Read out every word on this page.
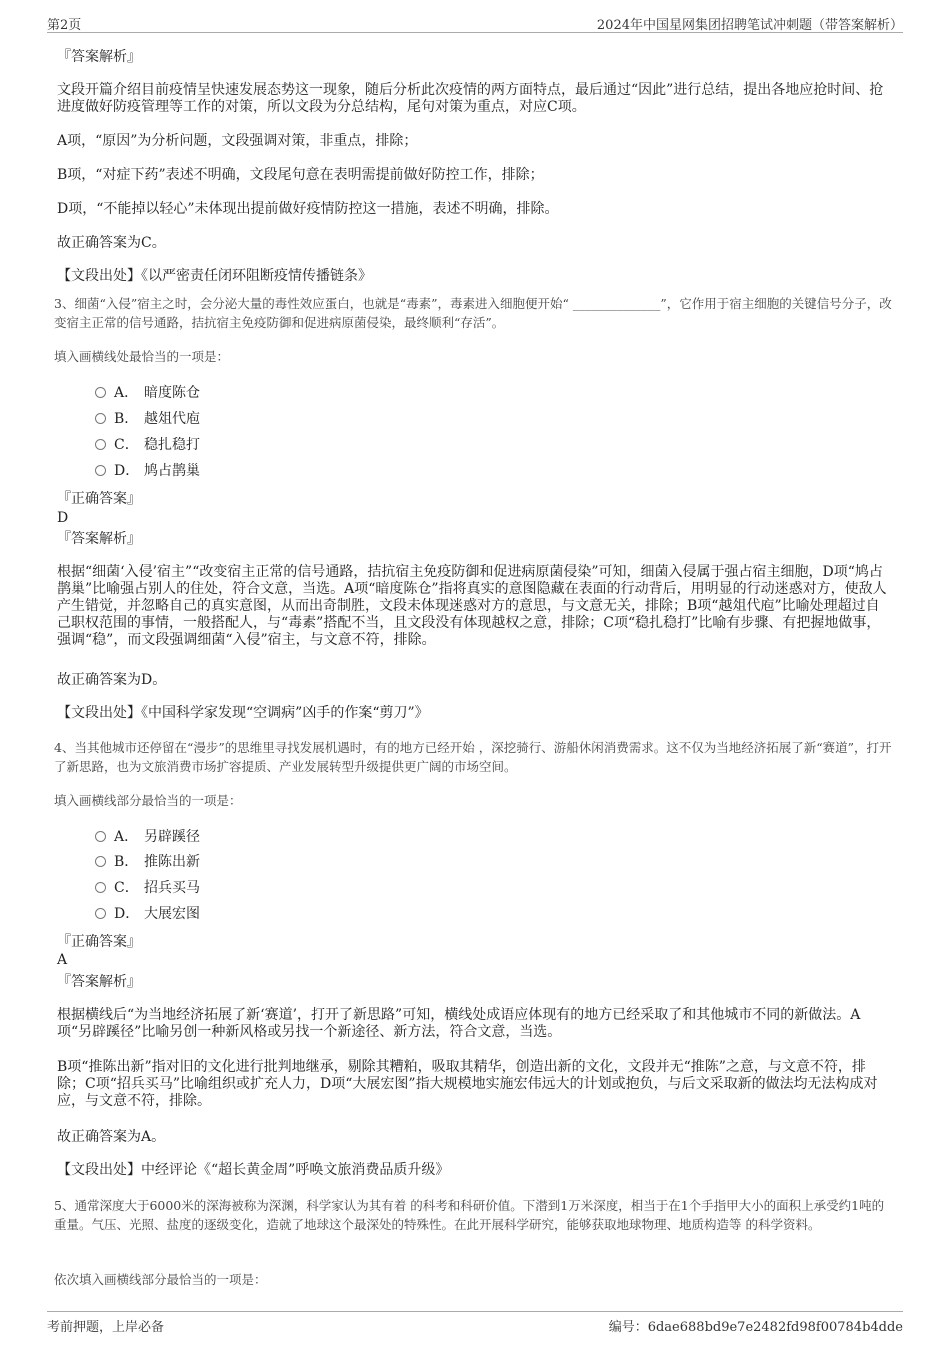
第2页	2024年中国星网集团招聘笔试冲刺题（带答案解析）
『答案解析』
文段开篇介绍目前疫情呈快速发展态势这一现象，随后分析此次疫情的两方面特点，最后通过“因此”进行总结，提出各地应抢时间、抢进度做好防疫管理等工作的对策，所以文段为分总结构，尾句对策为重点，对应C项。
A项，“原因”为分析问题，文段强调对策，非重点，排除；
B项，“对症下药”表述不明确，文段尾句意在表明需提前做好防控工作，排除；
D项，“不能掉以轻心”未体现出提前做好疫情防控这一措施，表述不明确，排除。
故正确答案为C。
【文段出处】《以严密责任闭环阻断疫情传播链条》
3、细菌“入侵”宿主之时，会分泌大量的毒性效应蛋白，也就是“毒素”，毒素进入细胞便开始“ ______________”，它作用于宿主细胞的关键信号分子，改变宿主正常的信号通路，拮抗宿主免疫防御和促进病原菌侵染，最终顺利“存活”。
填入画横线处最恰当的一项是：
A． 暗度陈仓
B． 越俎代庖
C． 稳扎稳打
D． 鸠占鹊巢
『正确答案』
D
『答案解析』
根据“细菌‘入侵’宿主”“改变宿主正常的信号通路，拮抗宿主免疫防御和促进病原菌侵染”可知，细菌入侵属于强占宿主细胞，D项“鸠占鹊巢”比喻强占别人的住处，符合文意，当选。A项“暗度陈仓”指将真实的意图隐藏在表面的行动背后，用明显的行动迷惑对方，使敌人产生错觉，并忽略自己的真实意图，从而出奇制胜，文段未体现迷惑对方的意思，与文意无关，排除；B项“越俎代庖”比喻处理超过自己职权范围的事情，一般搭配人，与“毒素”搭配不当，且文段没有体现越权之意，排除；C项“稳扎稳打”比喻有步骤、有把握地做事，强调“稳”，而文段强调细菌“入侵”宿主，与文意不符，排除。
故正确答案为D。
【文段出处】《中国科学家发现“空调病”凶手的作案“剪刀”》
4、当其他城市还停留在“漫步”的思维里寻找发展机遇时，有的地方已经开始 ，深挖骑行、游船休闲消费需求。这不仅为当地经济拓展了新“赛道”，打开了新思路，也为文旅消费市场扩容提质、产业发展转型升级提供更广阔的市场空间。
填入画横线部分最恰当的一项是：
A． 另辟蹊径
B． 推陈出新
C． 招兵买马
D． 大展宏图
『正确答案』
A
『答案解析』
根据横线后“为当地经济拓展了新‘赛道’，打开了新思路”可知，横线处成语应体现有的地方已经采取了和其他城市不同的新做法。A项“另辟蹊径”比喻另创一种新风格或另找一个新途径、新方法，符合文意，当选。
B项“推陈出新”指对旧的文化进行批判地继承，剔除其糟粕，吸取其精华，创造出新的文化，文段并无“推陈”之意，与文意不符，排除；C项“招兵买马”比喻组织或扩充人力，D项“大展宏图”指大规模地实施宏伟远大的计划或抱负，与后文采取新的做法均无法构成对应，与文意不符，排除。
故正确答案为A。
【文段出处】中经评论《“超长黄金周”呼唤文旅消费品质升级》
5、通常深度大于6000米的深海被称为深渊，科学家认为其有着 的科考和科研价值。下潜到1万米深度，相当于在1个手指甲大小的面积上承受约1吨的重量。气压、光照、盐度的逐级变化，造就了地球这个最深处的特殊性。在此开展科学研究，能够获取地球物理、地质构造等 的科学资料。
依次填入画横线部分最恰当的一项是：
考前押题，上岸必备	编号：6dae688bd9e7e2482fd98f00784b4dde
